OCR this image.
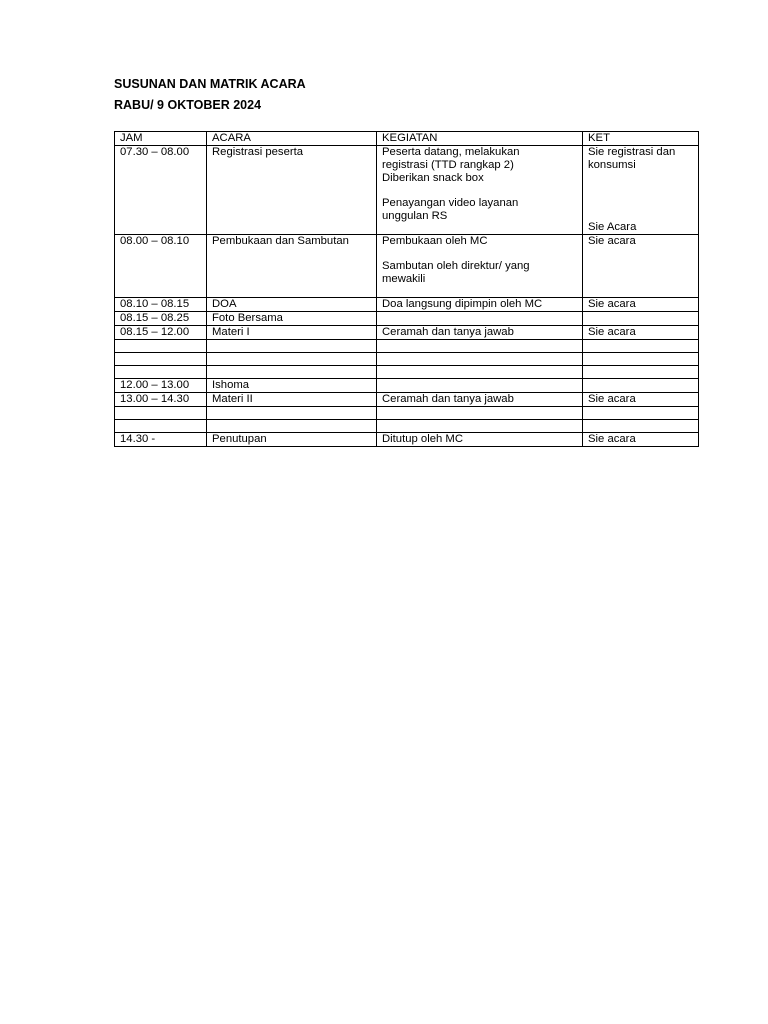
SUSUNAN DAN MATRIK ACARA
RABU/ 9 OKTOBER 2024
JAM	ACARA	KEGIATAN	KET
07.30 – 08.00	Registrasi peserta	Peserta datang, melakukan
registrasi (TTD rangkap 2)
Diberikan snack box
Penayangan video layanan
unggulan RS	Sie registrasi dan
konsumsi
Sie Acara

08.00 – 08.10	Pembukaan dan Sambutan	Pembukaan oleh MC
Sambutan oleh direktur/ yang
mewakili	Sie acara
08.10 – 08.15	DOA	Doa langsung dipimpin oleh MC	Sie acara
08.15 – 08.25	Foto Bersama		
08.15 – 12.00	Materi I	Ceramah dan tanya jawab	Sie acara

12.00 – 13.00	Ishoma		
13.00 – 14.30	Materi II	Ceramah dan tanya jawab	Sie acara

14.30 -	Penutupan	Ditutup oleh MC	Sie acara
